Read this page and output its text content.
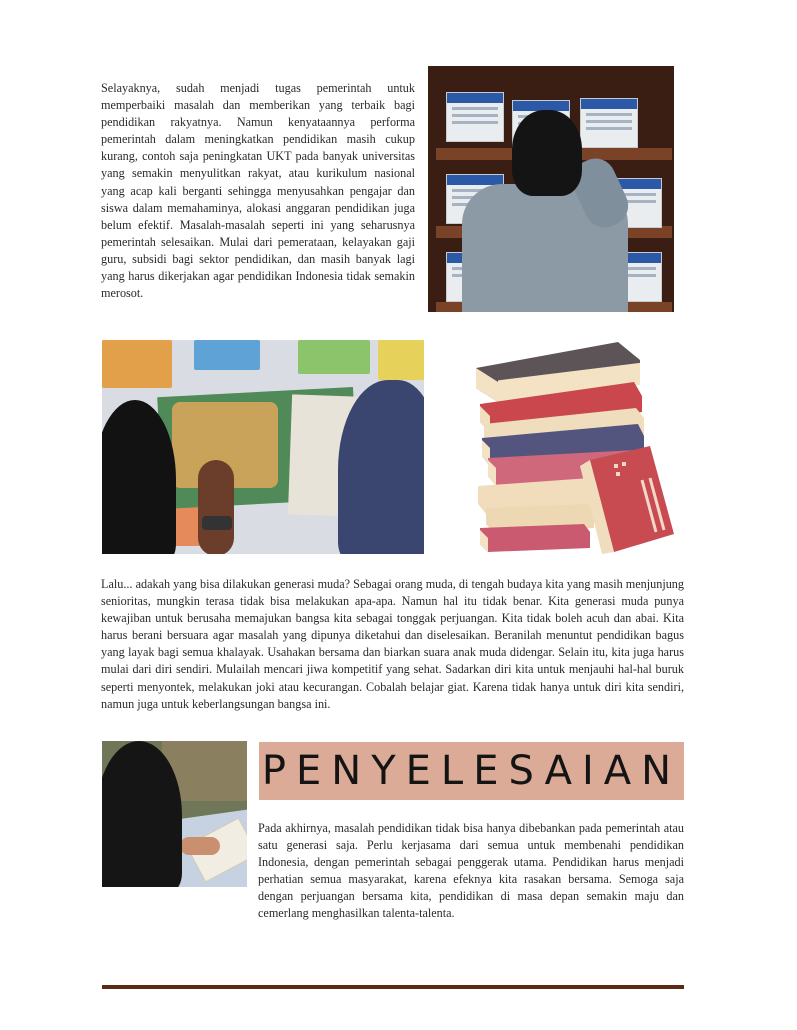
Selayaknya, sudah menjadi tugas pemerintah untuk memperbaiki masalah dan memberikan yang terbaik bagi pendidikan rakyatnya. Namun kenyataannya performa pemerintah dalam meningkatkan pendidikan masih cukup kurang, contoh saja peningkatan UKT pada banyak universitas yang semakin menyulitkan rakyat, atau kurikulum nasional yang acap kali berganti sehingga menyusahkan pengajar dan siswa dalam memahaminya, alokasi anggaran pendidikan juga belum efektif. Masalah-masalah seperti ini yang seharusnya pemerintah selesaikan. Mulai dari pemerataan, kelayakan gaji guru, subsidi bagi sektor pendidikan, dan masih banyak lagi yang harus dikerjakan agar pendidikan Indonesia tidak semakin merosot.

Lalu... adakah yang bisa dilakukan generasi muda? Sebagai orang muda, di tengah budaya kita yang masih menjunjung senioritas, mungkin terasa tidak bisa melakukan apa-apa. Namun hal itu tidak benar. Kita generasi muda punya kewajiban untuk berusaha memajukan bangsa kita sebagai tonggak perjuangan. Kita tidak boleh acuh dan abai. Kita harus berani bersuara agar masalah yang dipunya diketahui dan diselesaikan. Beranilah menuntut pendidikan bagus yang layak bagi semua khalayak. Usahakan bersama dan biarkan suara anak muda didengar. Selain itu, kita juga harus mulai dari diri sendiri. Mulailah mencari jiwa kompetitif yang sehat. Sadarkan diri kita untuk menjauhi hal-hal buruk seperti menyontek, melakukan joki atau kecurangan. Cobalah belajar giat. Karena tidak hanya untuk diri kita sendiri, namun juga untuk keberlangsungan bangsa ini.

PENYELESAIAN

Pada akhirnya, masalah pendidikan tidak bisa hanya dibebankan pada pemerintah atau satu generasi saja. Perlu kerjasama dari semua untuk membenahi pendidikan Indonesia, dengan pemerintah sebagai penggerak utama. Pendidikan harus menjadi perhatian semua masyarakat, karena efeknya kita rasakan bersama. Semoga saja dengan perjuangan bersama kita, pendidikan di masa depan semakin maju dan cemerlang menghasilkan talenta-talenta.
